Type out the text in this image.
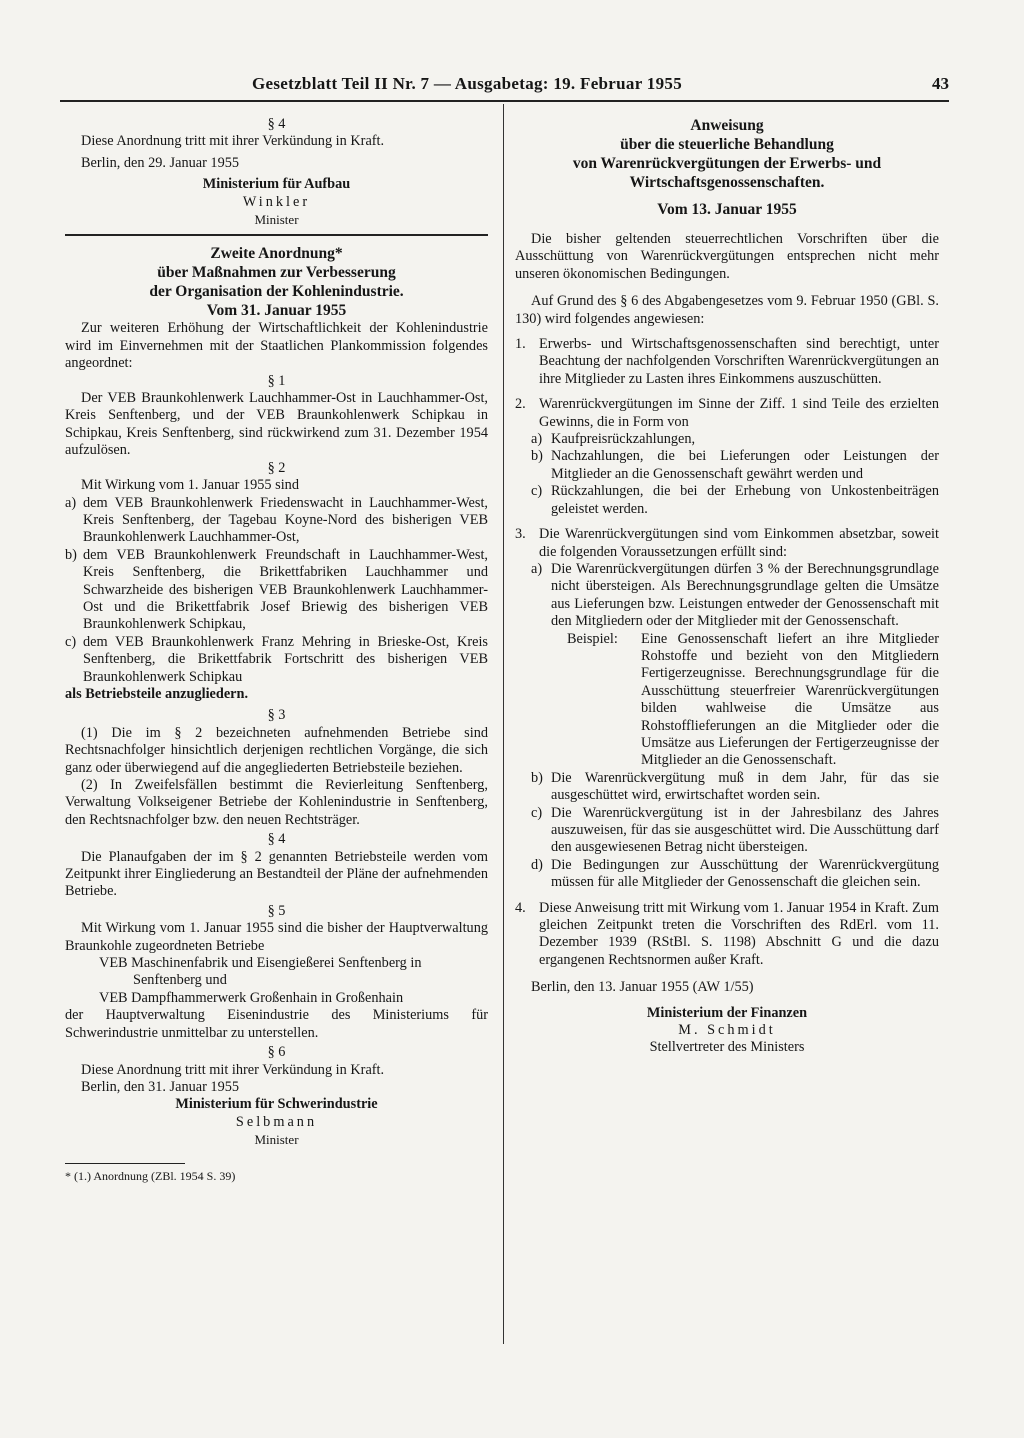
Gesetzblatt Teil II Nr. 7 — Ausgabetag: 19. Februar 1955	43
§ 4
Diese Anordnung tritt mit ihrer Verkündung in Kraft.
Berlin, den 29. Januar 1955
Ministerium für Aufbau
Winkler
Minister
Zweite Anordnung*
über Maßnahmen zur Verbesserung
der Organisation der Kohlenindustrie.
Vom 31. Januar 1955
Zur weiteren Erhöhung der Wirtschaftlichkeit der Kohlenindustrie wird im Einvernehmen mit der Staatlichen Plankommission folgendes angeordnet:
§ 1
Der VEB Braunkohlenwerk Lauchhammer-Ost in Lauchhammer-Ost, Kreis Senftenberg, und der VEB Braunkohlenwerk Schipkau in Schipkau, Kreis Senftenberg, sind rückwirkend zum 31. Dezember 1954 aufzulösen.
§ 2
Mit Wirkung vom 1. Januar 1955 sind
a) dem VEB Braunkohlenwerk Friedenswacht in Lauchhammer-West, Kreis Senftenberg, der Tagebau Koyne-Nord des bisherigen VEB Braunkohlenwerk Lauchhammer-Ost,
b) dem VEB Braunkohlenwerk Freundschaft in Lauchhammer-West, Kreis Senftenberg, die Brikettfabriken Lauchhammer und Schwarzheide des bisherigen VEB Braunkohlenwerk Lauchhammer-Ost und die Brikettfabrik Josef Briewig des bisherigen VEB Braunkohlenwerk Schipkau,
c) dem VEB Braunkohlenwerk Franz Mehring in Brieske-Ost, Kreis Senftenberg, die Brikettfabrik Fortschritt des bisherigen VEB Braunkohlenwerk Schipkau
als Betriebsteile anzugliedern.
§ 3
(1) Die im § 2 bezeichneten aufnehmenden Betriebe sind Rechtsnachfolger hinsichtlich derjenigen rechtlichen Vorgänge, die sich ganz oder überwiegend auf die angegliederten Betriebsteile beziehen.
(2) In Zweifelsfällen bestimmt die Revierleitung Senftenberg, Verwaltung Volkseigener Betriebe der Kohlenindustrie in Senftenberg, den Rechtsnachfolger bzw. den neuen Rechtsträger.
§ 4
Die Planaufgaben der im § 2 genannten Betriebsteile werden vom Zeitpunkt ihrer Eingliederung an Bestandteil der Pläne der aufnehmenden Betriebe.
§ 5
Mit Wirkung vom 1. Januar 1955 sind die bisher der Hauptverwaltung Braunkohle zugeordneten Betriebe
VEB Maschinenfabrik und Eisengießerei Senftenberg in Senftenberg und
VEB Dampfhammerwerk Großenhain in Großenhain
der Hauptverwaltung Eisenindustrie des Ministeriums für Schwerindustrie unmittelbar zu unterstellen.
§ 6
Diese Anordnung tritt mit ihrer Verkündung in Kraft.
Berlin, den 31. Januar 1955
Ministerium für Schwerindustrie
Selbmann
Minister
* (1.) Anordnung (ZBl. 1954 S. 39)
Anweisung
über die steuerliche Behandlung
von Warenrückvergütungen der Erwerbs- und
Wirtschaftsgenossenschaften.
Vom 13. Januar 1955
Die bisher geltenden steuerrechtlichen Vorschriften über die Ausschüttung von Warenrückvergütungen entsprechen nicht mehr unseren ökonomischen Bedingungen.
Auf Grund des § 6 des Abgabengesetzes vom 9. Februar 1950 (GBl. S. 130) wird folgendes angewiesen:
1. Erwerbs- und Wirtschaftsgenossenschaften sind berechtigt, unter Beachtung der nachfolgenden Vorschriften Warenrückvergütungen an ihre Mitglieder zu Lasten ihres Einkommens auszuschütten.
2. Warenrückvergütungen im Sinne der Ziff. 1 sind Teile des erzielten Gewinns, die in Form von
a) Kaufpreisrückzahlungen,
b) Nachzahlungen, die bei Lieferungen oder Leistungen der Mitglieder an die Genossenschaft gewährt werden und
c) Rückzahlungen, die bei der Erhebung von Unkostenbeiträgen geleistet werden.
3. Die Warenrückvergütungen sind vom Einkommen absetzbar, soweit die folgenden Voraussetzungen erfüllt sind:
a) Die Warenrückvergütungen dürfen 3 % der Berechnungsgrundlage nicht übersteigen. Als Berechnungsgrundlage gelten die Umsätze aus Lieferungen bzw. Leistungen entweder der Genossenschaft mit den Mitgliedern oder der Mitglieder mit der Genossenschaft.
Beispiel:	Eine Genossenschaft liefert an ihre Mitglieder Rohstoffe und bezieht von den Mitgliedern Fertigerzeugnisse. Berechnungsgrundlage für die Ausschüttung steuerfreier Warenrückvergütungen bilden wahlweise die Umsätze aus Rohstofflieferungen an die Mitglieder oder die Umsätze aus Lieferungen der Fertigerzeugnisse der Mitglieder an die Genossenschaft.
b) Die Warenrückvergütung muß in dem Jahr, für das sie ausgeschüttet wird, erwirtschaftet worden sein.
c) Die Warenrückvergütung ist in der Jahresbilanz des Jahres auszuweisen, für das sie ausgeschüttet wird. Die Ausschüttung darf den ausgewiesenen Betrag nicht übersteigen.
d) Die Bedingungen zur Ausschüttung der Warenrückvergütung müssen für alle Mitglieder der Genossenschaft die gleichen sein.
4. Diese Anweisung tritt mit Wirkung vom 1. Januar 1954 in Kraft. Zum gleichen Zeitpunkt treten die Vorschriften des RdErl. vom 11. Dezember 1939 (RStBl. S. 1198) Abschnitt G und die dazu ergangenen Rechtsnormen außer Kraft.
Berlin, den 13. Januar 1955 (AW 1/55)
Ministerium der Finanzen
M. Schmidt
Stellvertreter des Ministers
